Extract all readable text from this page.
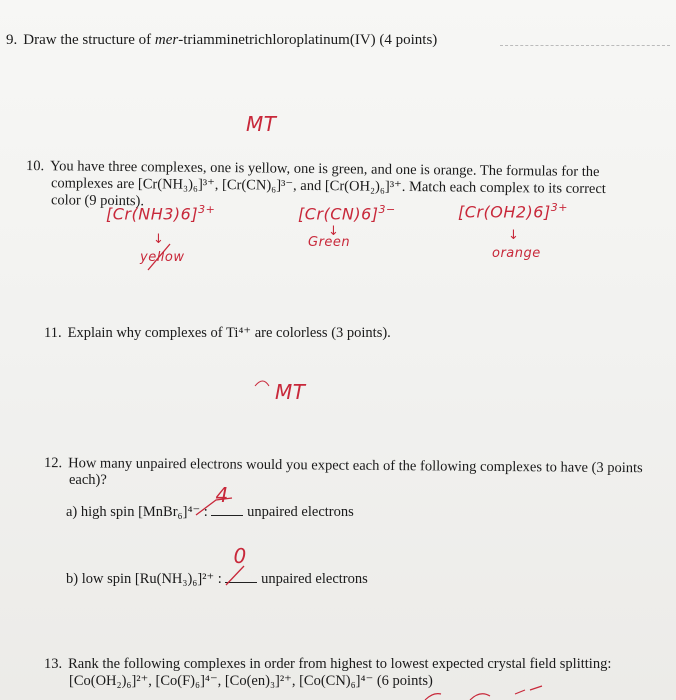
9. Draw the structure of mer-triamminetrichloroplatinum(IV) (4 points)
MT
10. You have three complexes, one is yellow, one is green, and one is orange. The formulas for the
complexes are [Cr(NH₃)₆]³⁺, [Cr(CN)₆]³⁻, and [Cr(OH₂)₆]³⁺. Match each complex to its correct
color (9 points).
$[Cr(NH3)6]^{3+}$
↓
yellow
$[Cr(CN)6]^{3-}$
↓
Green
$[Cr(OH2)6]^{3+}$
↓
orange
11. Explain why complexes of Ti⁴⁺ are colorless (3 points).
MT
12. How many unpaired electrons would you expect each of the following complexes to have (3 points
each)?
a) high spin [MnBr₆]⁴⁻ :
4
unpaired electrons
b) low spin [Ru(NH₃)₆]²⁺ :
0
unpaired electrons
13. Rank the following complexes in order from highest to lowest expected crystal field splitting:
[Co(OH₂)₆]²⁺, [Co(F)₆]⁴⁻, [Co(en)₃]²⁺, [Co(CN)₆]⁴⁻ (6 points)
